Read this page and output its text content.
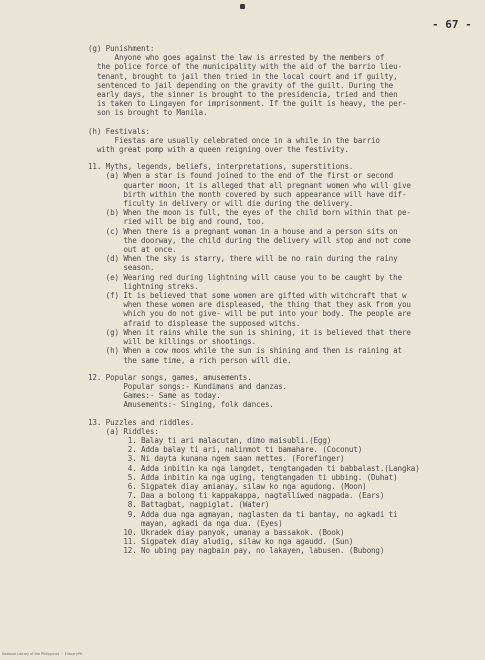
- 67 -
(g) Punishment:
Anyone who goes against the law is arrested by the members of
the police force of the municipality with the aid of the barrio lieu-
tenant, brought to jail then tried in the local court and if guilty,
sentenced to jail depending on the gravity of the guilt. During the
early days, the sinner is brought to the presidencia, tried and then
is taken to Lingayen for imprisonment. If the guilt is heavy, the per-
son is brought to Manila.
(h) Festivals:
Fiestas are usually celebrated once in a while in the barrio
with great pomp with a queen reigning over the festivity.
11. Myths, legends, beliefs, interpretations, superstitions.
(a) When a star is found joined to the end of the first or second
quarter moon, it is alleged that all pregnant women who will give
birth within the month covered by such appearance will have dif-
ficulty in delivery or will die during the delivery.
(b) When the moon is full, the eyes of the child born within that pe-
ried will be big and round, too.
(c) When there is a pregnant woman in a house and a person sits on
the doorway, the child during the delivery will stop and not come
out at once.
(d) When the sky is starry, there will be no rain during the rainy
season.
(e) Wearing red during lightning will cause you to be caught by the
lightning streks.
(f) It is believed that some women are gifted with witchcraft that w
when these women are displeased, the thing that they ask from you
which you do not give- will be put into your body. The people are
afraid to displease the supposed witchs.
(g) When it rains while the sun is shining, it is believed that there
will be killings or shootings.
(h) When a cow moos while the sun is shining and then is raining at
the same time, a rich person will die.
12. Popular songs, games, amusements.
Popular songs:- Kundimans and danzas.
Games:- Same as today.
Amusements:- Singing, folk dances.
13. Puzzles and riddles.
(a) Riddles:
1. Balay ti ari malacutan, dimo maisubli.(Egg)
2. Adda balay ti ari, nalinmot ti bamahare. (Coconut)
3. Ni dayta kunana ngem saan mettes. (Forefinger)
4. Adda inbitin ka nga langdet, tengtangaden ti babbalast.(Langka)
5. Adda inbitin ka nga uging, tengtangaden ti ubbing. (Duhat)
6. Sigpatek diay amianay, silaw ko nga agudong. (Moon)
7. Daa a bolong ti kappakappa, nagtalliwed nagpada. (Ears)
8. Battagbat, nagpiglat. (Water)
9. Adda dua nga agmayan, naglasten da ti bantay, no agkadi ti
mayan, agkadi da nga dua. (Eyes)
10. Ukradek diay panyok, umanay a bassakok. (Book)
11. Sigpatek diay aludig, silaw ko nga agaudd. (Sun)
12. No ubing pay nagbain pay, no lakayen, labusen. (Bubong)
National Library of the Philippines  ·  ElibraryPH
